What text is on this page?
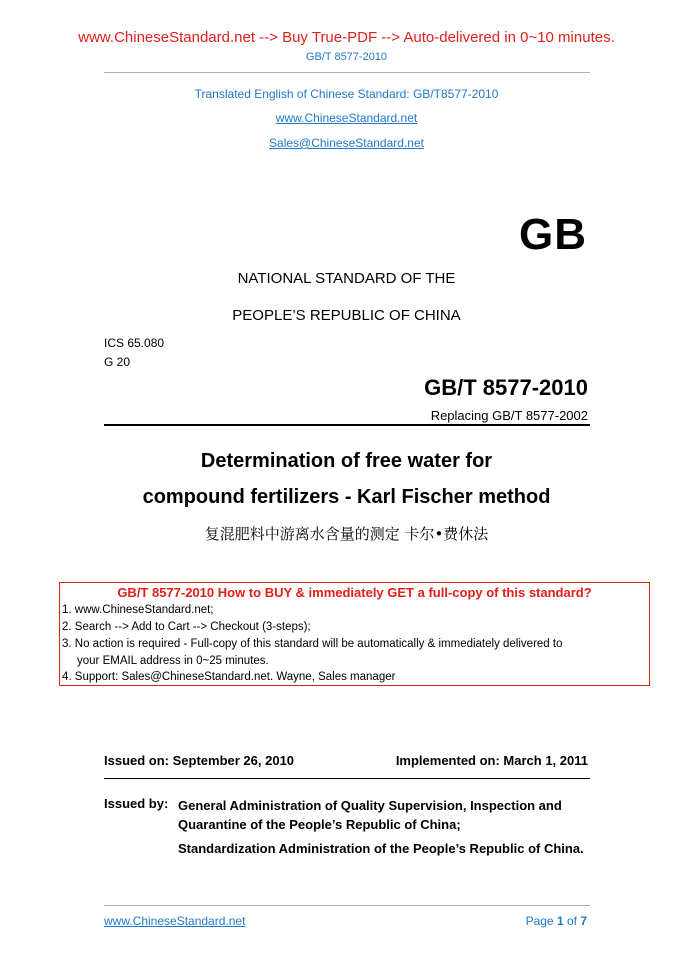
www.ChineseStandard.net --> Buy True-PDF --> Auto-delivered in 0~10 minutes.
GB/T 8577-2010
Translated English of Chinese Standard: GB/T8577-2010
www.ChineseStandard.net
Sales@ChineseStandard.net
GB
NATIONAL STANDARD OF THE
PEOPLE’S REPUBLIC OF CHINA
ICS 65.080
G 20
GB/T 8577-2010
Replacing GB/T 8577-2002
Determination of free water for
compound fertilizers - Karl Fischer method
复混肥料中游离水含量的测定 卡尔•费休法
GB/T 8577-2010 How to BUY & immediately GET a full-copy of this standard?
1. www.ChineseStandard.net;
2. Search --> Add to Cart --> Checkout (3-steps);
3. No action is required - Full-copy of this standard will be automatically & immediately delivered to
your EMAIL address in 0~25 minutes.
4. Support: Sales@ChineseStandard.net. Wayne, Sales manager
Issued on: September 26, 2010	Implemented on: March 1, 2011
Issued by: General Administration of Quality Supervision, Inspection and Quarantine of the People’s Republic of China;
Standardization Administration of the People’s Republic of China.
www.ChineseStandard.net	Page 1 of 7
